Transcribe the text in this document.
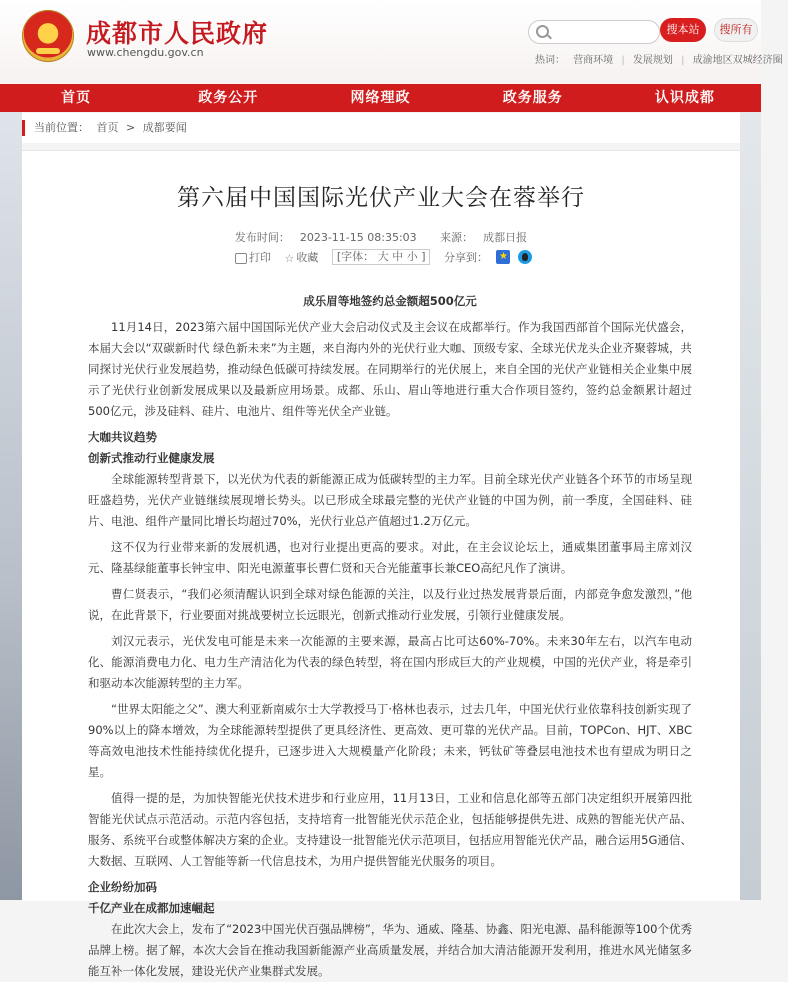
★
成都市人民政府
www.chengdu.gov.cn
搜本站	搜所有
热词： 营商环境 | 发展规划 | 成渝地区双城经济圈
首页	政务公开	网络理政	政务服务	认识成都
当前位置： 首页 > 成都要闻
第六届中国国际光伏产业大会在蓉举行
发布时间： 2023-11-15 08:35:03 来源： 成都日报
打印 ☆ 收藏 [字体： 大 中 小 ] 分享到： ★

成乐眉等地签约总金额超500亿元

11月14日，2023第六届中国国际光伏产业大会启动仪式及主会议在成都举行。作为我国西部首个国际光伏盛会，本届大会以“双碳新时代 绿色新未来”为主题，来自海内外的光伏行业大咖、顶级专家、全球光伏龙头企业齐聚蓉城，共同探讨光伏行业发展趋势，推动绿色低碳可持续发展。在同期举行的光伏展上，来自全国的光伏产业链相关企业集中展示了光伏行业创新发展成果以及最新应用场景。成都、乐山、眉山等地进行重大合作项目签约，签约总金额累计超过500亿元，涉及硅料、硅片、电池片、组件等光伏全产业链。

大咖共议趋势

创新式推动行业健康发展

全球能源转型背景下，以光伏为代表的新能源正成为低碳转型的主力军。目前全球光伏产业链各个环节的市场呈现旺盛趋势，光伏产业链继续展现增长势头。以已形成全球最完整的光伏产业链的中国为例，前一季度，全国硅料、硅片、电池、组件产量同比增长均超过70%，光伏行业总产值超过1.2万亿元。

这不仅为行业带来新的发展机遇，也对行业提出更高的要求。对此，在主会议论坛上，通威集团董事局主席刘汉元、隆基绿能董事长钟宝申、阳光电源董事长曹仁贤和天合光能董事长兼CEO高纪凡作了演讲。

曹仁贤表示，“我们必须清醒认识到全球对绿色能源的关注，以及行业过热发展背景后面，内部竞争愈发激烈，”他说，在此背景下，行业要面对挑战要树立长远眼光，创新式推动行业发展，引领行业健康发展。

刘汉元表示，光伏发电可能是未来一次能源的主要来源，最高占比可达60%-70%。未来30年左右，以汽车电动化、能源消费电力化、电力生产清洁化为代表的绿色转型，将在国内形成巨大的产业规模，中国的光伏产业，将是牵引和驱动本次能源转型的主力军。

“世界太阳能之父”、澳大利亚新南威尔士大学教授马丁·格林也表示，过去几年，中国光伏行业依靠科技创新实现了90%以上的降本增效，为全球能源转型提供了更具经济性、更高效、更可靠的光伏产品。目前，TOPCon、HJT、XBC等高效电池技术性能持续优化提升，已逐步进入大规模量产化阶段；未来，钙钛矿等叠层电池技术也有望成为明日之星。

值得一提的是，为加快智能光伏技术进步和行业应用，11月13日，工业和信息化部等五部门决定组织开展第四批智能光伏试点示范活动。示范内容包括，支持培育一批智能光伏示范企业，包括能够提供先进、成熟的智能光伏产品、服务、系统平台或整体解决方案的企业。支持建设一批智能光伏示范项目，包括应用智能光伏产品，融合运用5G通信、大数据、互联网、人工智能等新一代信息技术，为用户提供智能光伏服务的项目。

企业纷纷加码

千亿产业在成都加速崛起

在此次大会上，发布了“2023中国光伏百强品牌榜”，华为、通威、隆基、协鑫、阳光电源、晶科能源等100个优秀品牌上榜。据了解，本次大会旨在推动我国新能源产业高质量发展，并结合加大清洁能源开发利用，推进水风光储氢多能互补一体化发展，建设光伏产业集群式发展。
